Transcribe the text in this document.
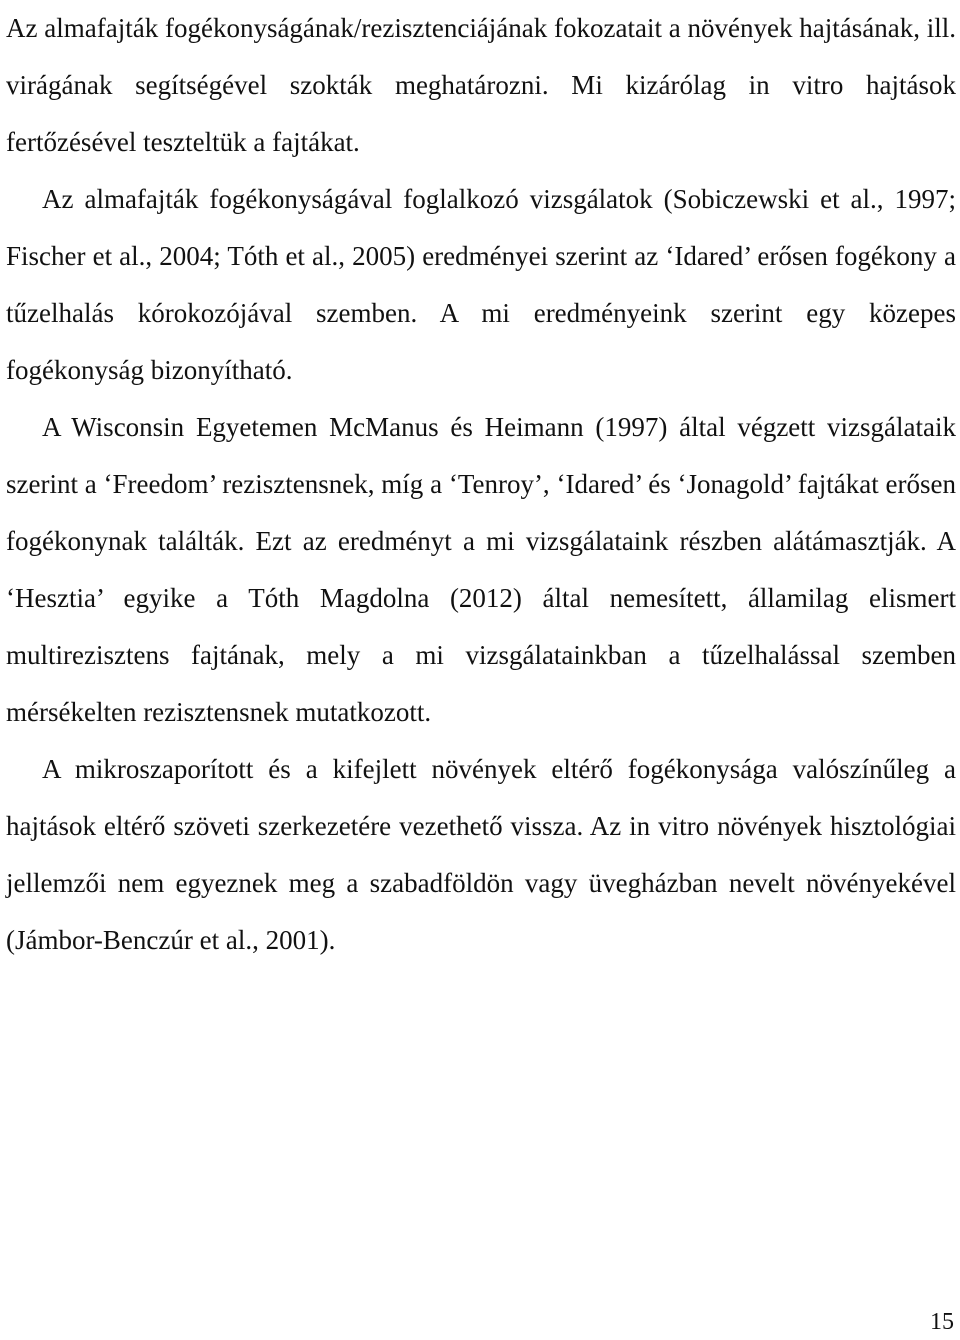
Az almafajták fogékonyságának/rezisztenciájának fokozatait a növények hajtásának, ill. virágának segítségével szokták meghatározni. Mi kizárólag in vitro hajtások fertőzésével teszteltük a fajtákat.

Az almafajták fogékonyságával foglalkozó vizsgálatok (Sobiczewski et al., 1997; Fischer et al., 2004; Tóth et al., 2005) eredményei szerint az ‘Idared’ erősen fogékony a tűzelhalás kórokozójával szemben. A mi eredményeink szerint egy közepes fogékonyság bizonyítható.

A Wisconsin Egyetemen McManus és Heimann (1997) által végzett vizsgálataik szerint a ‘Freedom’ rezisztensnek, míg a ‘Tenroy’, ‘Idared’ és ‘Jonagold’ fajtákat erősen fogékonynak találták. Ezt az eredményt a mi vizsgálataink részben alátámasztják. A ‘Hesztia’ egyike a Tóth Magdolna (2012) által nemesített, államilag elismert multirezisztens fajtának, mely a mi vizsgálatainkban a tűzelhalással szemben mérsékelten rezisztensnek mutatkozott.

A mikroszaporított és a kifejlett növények eltérő fogékonysága valószínűleg a hajtások eltérő szöveti szerkezetére vezethető vissza. Az in vitro növények hisztológiai jellemzői nem egyeznek meg a szabadföldön vagy üvegházban nevelt növényekével (Jámbor-Benczúr et al., 2001).

15
